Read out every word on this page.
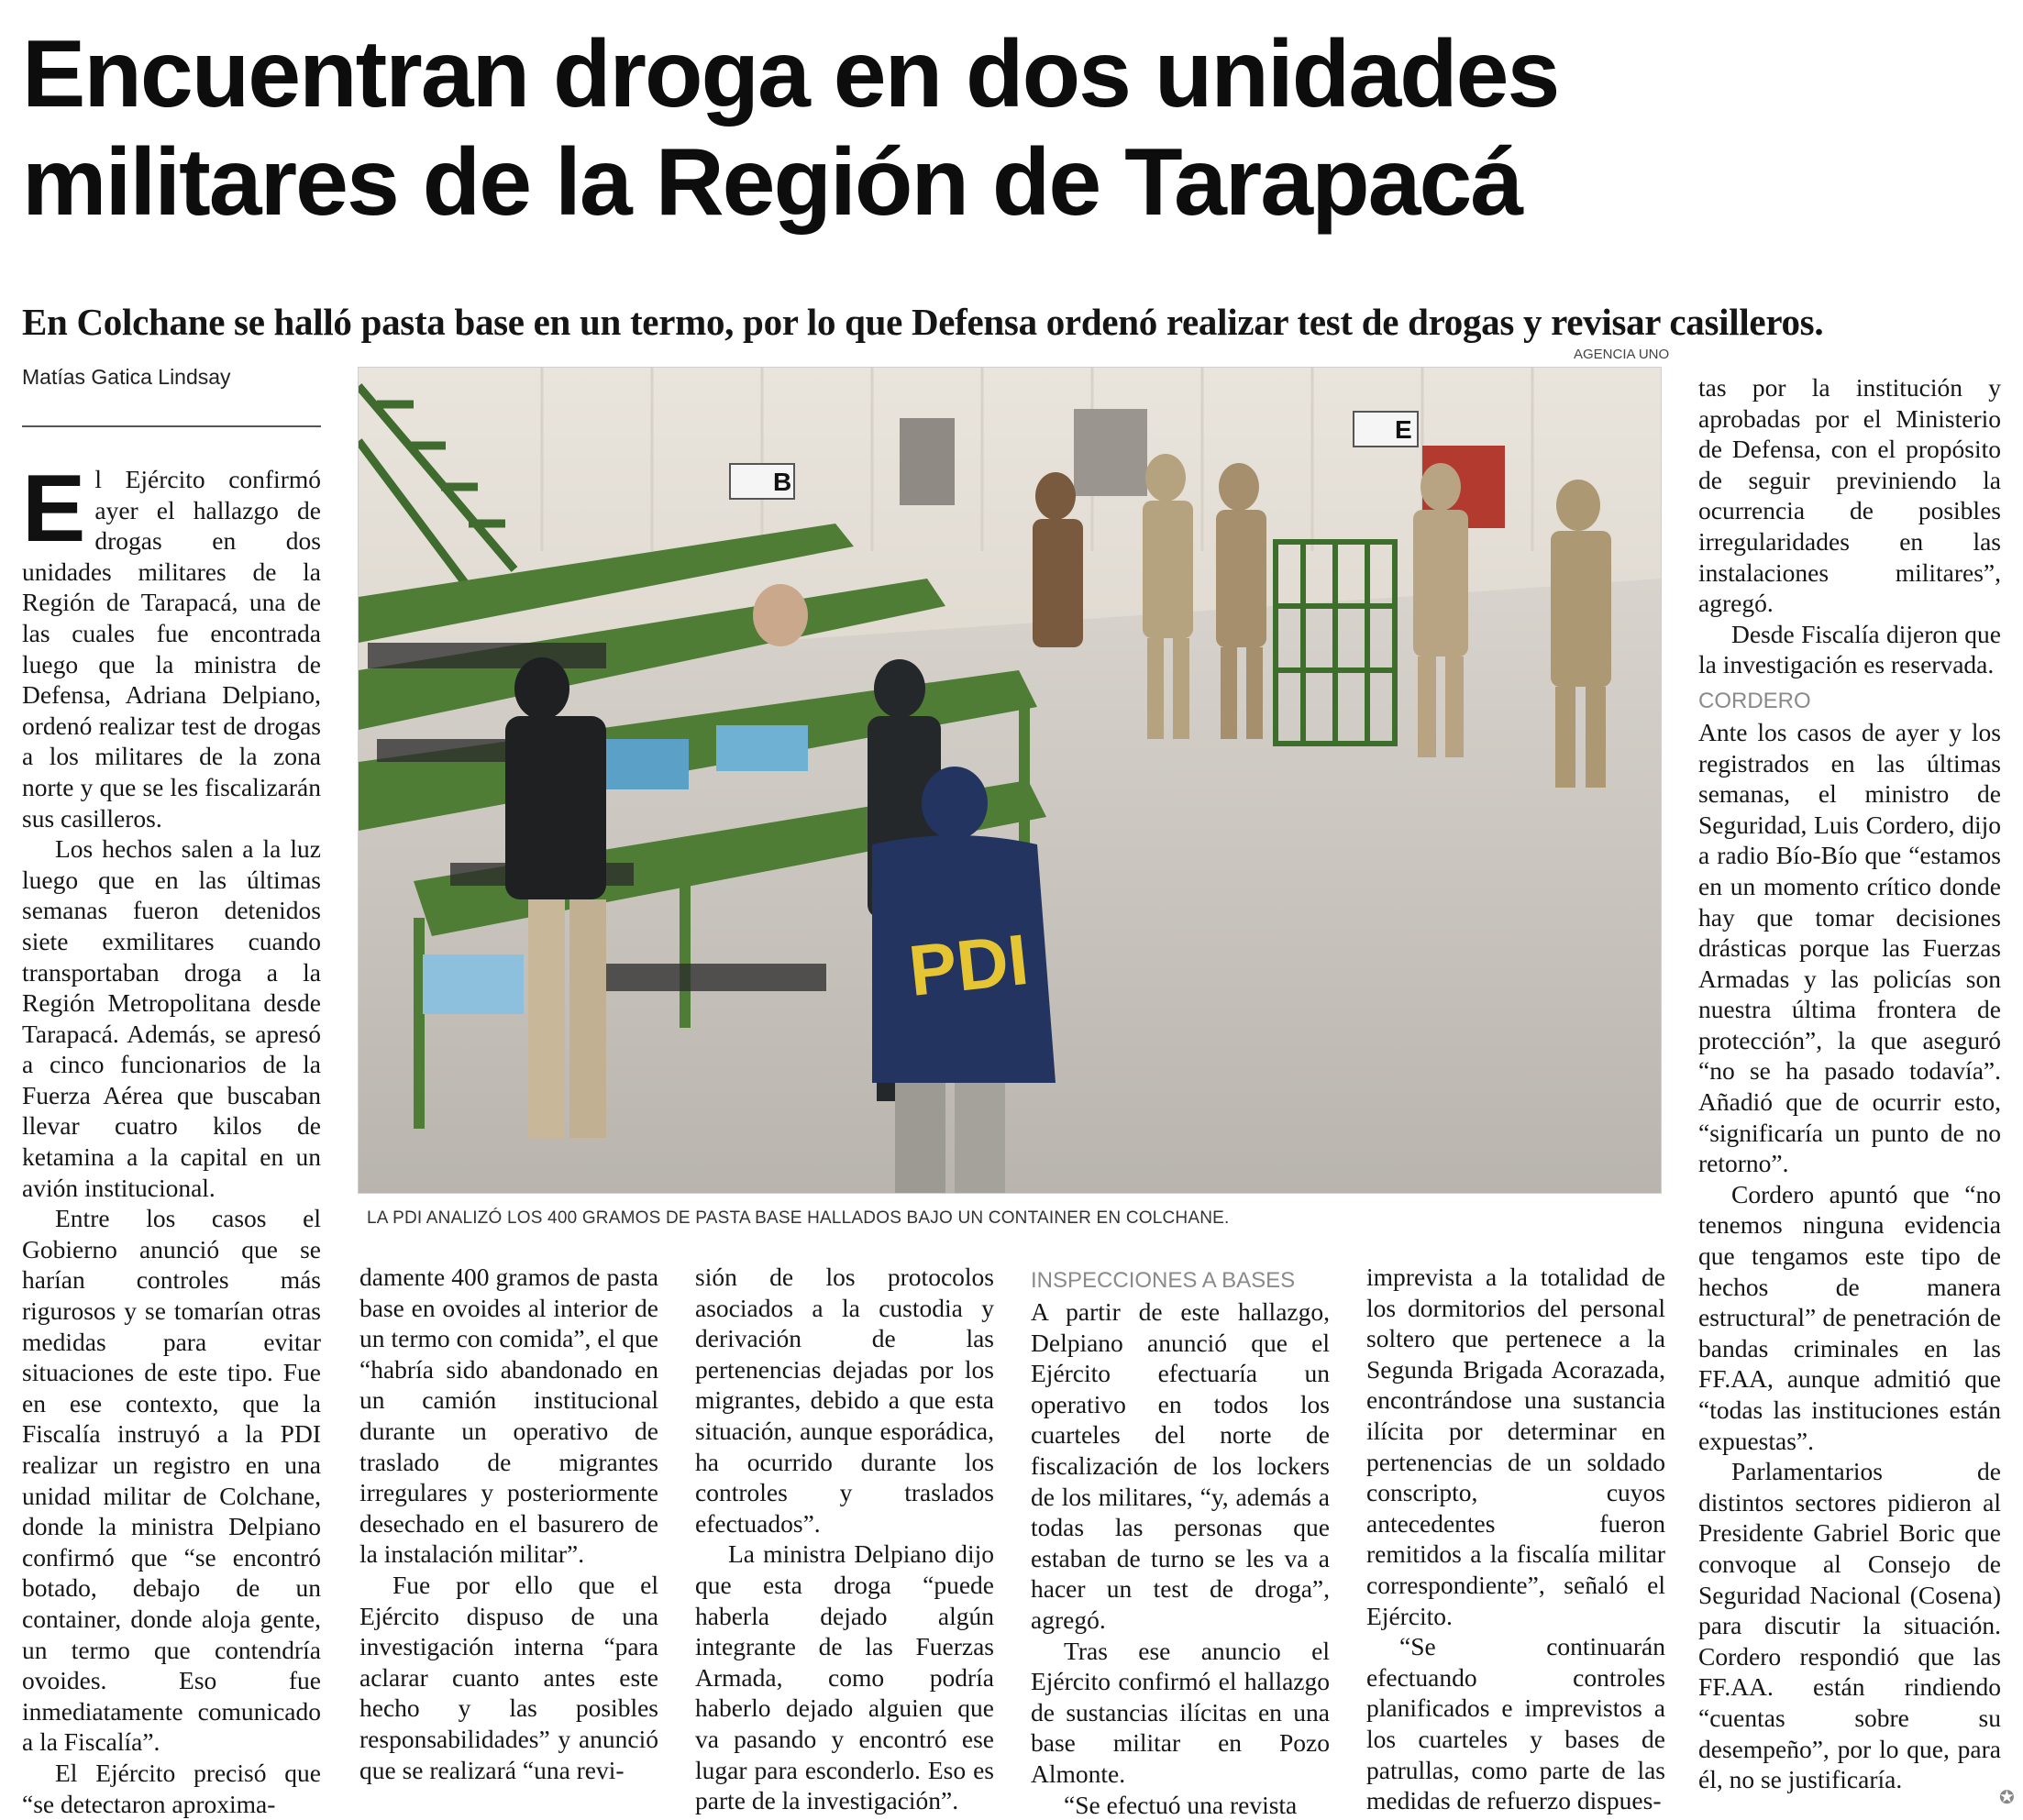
Encuentran droga en dos unidades
militares de la Región de Tarapacá
En Colchane se halló pasta base en un termo, por lo que Defensa ordenó realizar test de drogas y revisar casilleros.
AGENCIA UNO
Matías Gatica Lindsay
B
E
PDI
LA PDI ANALIZÓ LOS 400 GRAMOS DE PASTA BASE HALLADOS BAJO UN CONTAINER EN COLCHANE.

El Ejército confirmó ayer el hallazgo de drogas en dos unidades militares de la Región de Tarapacá, una de las cuales fue encontrada luego que la ministra de Defensa, Adriana Delpiano, ordenó realizar test de drogas a los militares de la zona norte y que se les fiscalizarán sus casilleros.

Los hechos salen a la luz luego que en las últimas semanas fueron detenidos siete exmilitares cuando transportaban droga a la Región Metropolitana desde Tarapacá. Además, se apresó a cinco funcionarios de la Fuerza Aérea que buscaban llevar cuatro kilos de ketamina a la capital en un avión institucional.

Entre los casos el Gobierno anunció que se harían controles más rigurosos y se tomarían otras medidas para evitar situaciones de este tipo. Fue en ese contexto, que la Fiscalía instruyó a la PDI realizar un registro en una unidad militar de Colchane, donde la ministra Delpiano confirmó que “se encontró botado, debajo de un container, donde aloja gente, un termo que contendría ovoides. Eso fue inmediatamente comunicado a la Fiscalía”.

El Ejército precisó que “se detectaron aproxima-

damente 400 gramos de pasta base en ovoides al interior de un termo con comida”, el que “habría sido abandonado en un camión institucional durante un operativo de traslado de migrantes irregulares y posteriormente desechado en el basurero de la instalación militar”.

Fue por ello que el Ejército dispuso de una investigación interna “para aclarar cuanto antes este hecho y las posibles responsabilidades” y anunció que se realizará “una revi-

sión de los protocolos asociados a la custodia y derivación de las pertenencias dejadas por los migrantes, debido a que esta situación, aunque esporádica, ha ocurrido durante los controles y traslados efectuados”.

La ministra Delpiano dijo que esta droga “puede haberla dejado algún integrante de las Fuerzas Armada, como podría haberlo dejado alguien que va pasando y encontró ese lugar para esconderlo. Eso es parte de la investigación”.

INSPECCIONES A BASES

A partir de este hallazgo, Delpiano anunció que el Ejército efectuaría un operativo en todos los cuarteles del norte de fiscalización de los lockers de los militares, “y, además a todas las personas que estaban de turno se les va a hacer un test de droga”, agregó.

Tras ese anuncio el Ejército confirmó el hallazgo de sustancias ilícitas en una base militar en Pozo Almonte.

“Se efectuó una revista

imprevista a la totalidad de los dormitorios del personal soltero que pertenece a la Segunda Brigada Acorazada, encontrándose una sustancia ilícita por determinar en pertenencias de un soldado conscripto, cuyos antecedentes fueron remitidos a la fiscalía militar correspondiente”, señaló el Ejército.

“Se continuarán efectuando controles planificados e imprevistos a los cuarteles y bases de patrullas, como parte de las medidas de refuerzo dispues-

tas por la institución y aprobadas por el Ministerio de Defensa, con el propósito de seguir previniendo la ocurrencia de posibles irregularidades en las instalaciones militares”, agregó.

Desde Fiscalía dijeron que la investigación es reservada.

CORDERO

Ante los casos de ayer y los registrados en las últimas semanas, el ministro de Seguridad, Luis Cordero, dijo a radio Bío-Bío que “estamos en un momento crítico donde hay que tomar decisiones drásticas porque las Fuerzas Armadas y las policías son nuestra última frontera de protección”, la que aseguró “no se ha pasado todavía”. Añadió que de ocurrir esto, “significaría un punto de no retorno”.

Cordero apuntó que “no tenemos ninguna evidencia que tengamos este tipo de hechos de manera estructural” de penetración de bandas criminales en las FF.AA, aunque admitió que “todas las instituciones están expuestas”.

Parlamentarios de distintos sectores pidieron al Presidente Gabriel Boric que convoque al Consejo de Seguridad Nacional (Cosena) para discutir la situación. Cordero respondió que las FF.AA. están rindiendo “cuentas sobre su desempeño”, por lo que, para él, no se justificaría.

✪
